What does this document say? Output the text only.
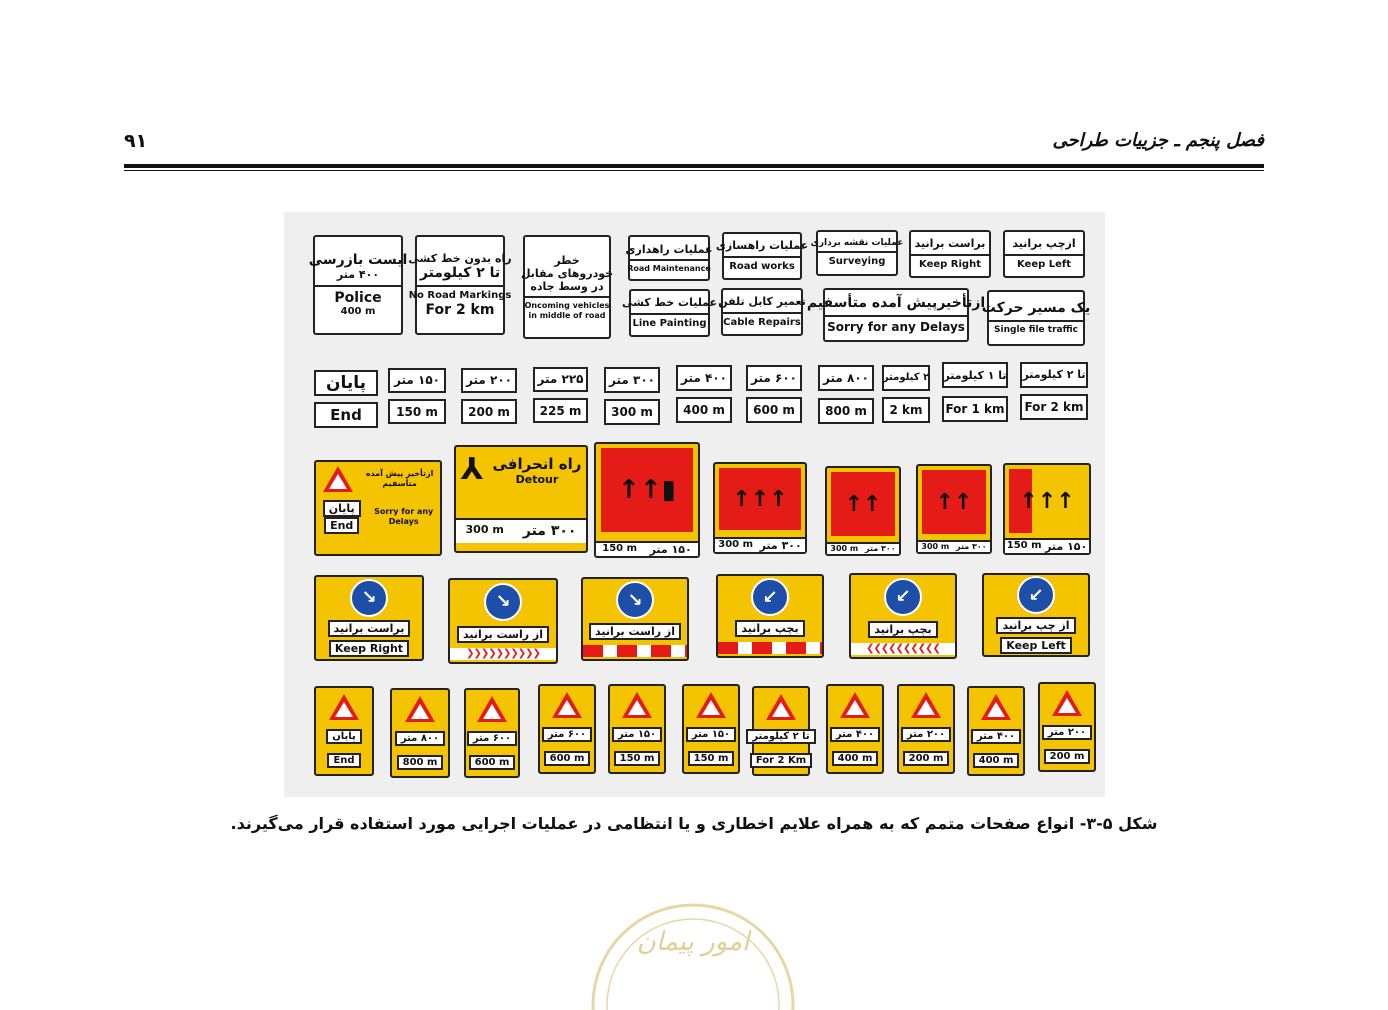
۹۱	فصل پنجم ـ جزییات طراحی
ایست بازرسی
۴۰۰ متر
Police
400 m
راه بدون خط کشی
تا ۲ کیلومتر
No Road Markings
For 2 km
خطر
خودروهای مقابل
در وسط جاده
Oncoming vehicles
in middle of road
عملیات راهداری
Road Maintenance
عملیات راهسازی
Road works
عملیات نقشه برداری
Surveying
براست برانید
Keep Right
ازچپ برانید
Keep Left
عملیات خط کشی
Line Painting
تعمیر کابل تلفن
Cable Repairs
ازتأخیرپیش آمده متأسفیم
Sorry for any Delays
یک مسیر حرکت
Single file traffic
پایان
End
۱۵۰ متر
150 m
۲۰۰ متر
200 m
۲۲۵ متر
225 m
۳۰۰ متر
300 m
۴۰۰ متر
400 m
۶۰۰ متر
600 m
۸۰۰ متر
800 m
۲ کیلومتر
2 km
تا ۱ کیلومتر
For 1 km
تا ۲ کیلومتر
For 2 km
ازتأخیر پیش آمده
متأسفیم
پایان
End
Sorry for any
Delays
⅄ راه انحرافی
Detour
300 m ۳۰۰ متر
↑↑▮
150 m ۱۵۰ متر
↑↑↑
300 m ۳۰۰ متر
↑↑
300 m ۳۰۰ متر
↑↑
300 m ۳۰۰ متر
↑↑↑
150 m ۱۵۰ متر
↘
براست برانید
Keep Right
↘
از راست برانید
❯❯❯❯❯❯❯❯❯❯
↘
از راست برانید
↙
بچپ برانید
↙
بچپ برانید
❮❮❮❮❮❮❮❮❮❮
↙
از چپ برانید
Keep Left
پایان
End
۸۰۰ متر
800 m
۶۰۰ متر
600 m
۶۰۰ متر
600 m
۱۵۰ متر
150 m
۱۵۰ متر
150 m
تا ۲ کیلومتر
For 2 Km
۴۰۰ متر
400 m
۲۰۰ متر
200 m
۴۰۰ متر
400 m
۲۰۰ متر
200 m
شکل ۵-۳- انواع صفحات متمم که به همراه علایم اخطاری و یا انتظامی در عملیات اجرایی مورد استفاده قرار می‌گیرند.
امور پیمان
